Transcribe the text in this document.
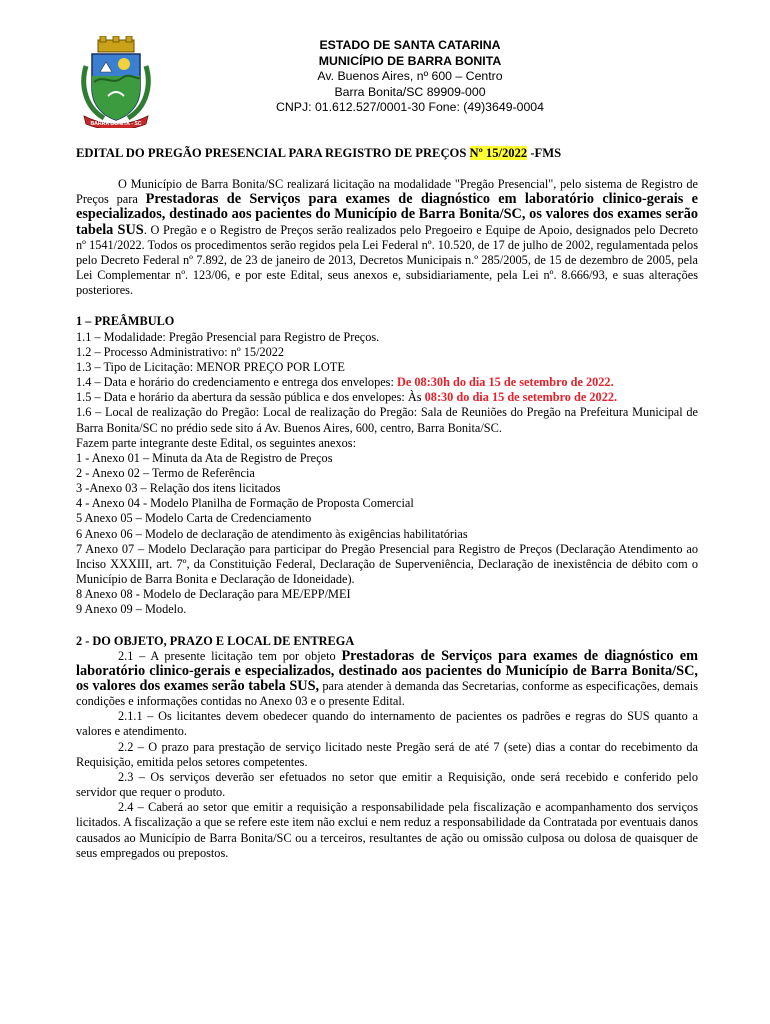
BARRA BONITA - SC
ESTADO DE SANTA CATARINA
MUNICÍPIO DE BARRA BONITA
Av. Buenos Aires, nº 600 – Centro
Barra Bonita/SC 89909-000
CNPJ: 01.612.527/0001-30 Fone: (49)3649-0004

EDITAL DO PREGÃO PRESENCIAL PARA REGISTRO DE PREÇOS Nº 15/2022 -FMS

O Município de Barra Bonita/SC realizará licitação na modalidade "Pregão Presencial", pelo sistema de Registro de Preços para Prestadoras de Serviços para exames de diagnóstico em laboratório clinico-gerais e especializados, destinado aos pacientes do Município de Barra Bonita/SC, os valores dos exames serão tabela SUS. O Pregão e o Registro de Preços serão realizados pelo Pregoeiro e Equipe de Apoio, designados pelo Decreto nº 1541/2022. Todos os procedimentos serão regidos pela Lei Federal nº. 10.520, de 17 de julho de 2002, regulamentada pelos pelo Decreto Federal nº 7.892, de 23 de janeiro de 2013, Decretos Municipais n.º 285/2005, de 15 de dezembro de 2005, pela Lei Complementar nº. 123/06, e por este Edital, seus anexos e, subsidiariamente, pela Lei nº. 8.666/93, e suas alterações posteriores.

1 – PREÂMBULO

1.1 – Modalidade: Pregão Presencial para Registro de Preços.

1.2 – Processo Administrativo: nº 15/2022

1.3 – Tipo de Licitação: MENOR PREÇO POR LOTE

1.4 – Data e horário do credenciamento e entrega dos envelopes: De 08:30h do dia 15 de setembro de 2022.

1.5 – Data e horário da abertura da sessão pública e dos envelopes: Às 08:30 do dia 15 de setembro de 2022.

1.6 – Local de realização do Pregão: Local de realização do Pregão: Sala de Reuniões do Pregão na Prefeitura Municipal de Barra Bonita/SC no prédio sede sito á Av. Buenos Aires, 600, centro, Barra Bonita/SC.

Fazem parte integrante deste Edital, os seguintes anexos:

1 - Anexo 01 – Minuta da Ata de Registro de Preços

2 - Anexo 02 – Termo de Referência

3 -Anexo 03 – Relação dos itens licitados

4 - Anexo 04 - Modelo Planilha de Formação de Proposta Comercial

5 Anexo 05 – Modelo Carta de Credenciamento

6 Anexo 06 – Modelo de declaração de atendimento às exigências habilitatórias

7 Anexo 07 – Modelo Declaração para participar do Pregão Presencial para Registro de Preços (Declaração Atendimento ao Inciso XXXIII, art. 7º, da Constituição Federal, Declaração de Superveniência, Declaração de inexistência de débito com o Município de Barra Bonita e Declaração de Idoneidade).

8 Anexo 08 - Modelo de Declaração para ME/EPP/MEI

9 Anexo 09 – Modelo.

2 - DO OBJETO, PRAZO E LOCAL DE ENTREGA

2.1 – A presente licitação tem por objeto Prestadoras de Serviços para exames de diagnóstico em laboratório clinico-gerais e especializados, destinado aos pacientes do Município de Barra Bonita/SC, os valores dos exames serão tabela SUS, para atender à demanda das Secretarias, conforme as especificações, demais condições e informações contidas no Anexo 03 e o presente Edital.

2.1.1 – Os licitantes devem obedecer quando do internamento de pacientes os padrões e regras do SUS quanto a valores e atendimento.

2.2 – O prazo para prestação de serviço licitado neste Pregão será de até 7 (sete) dias a contar do recebimento da Requisição, emitida pelos setores competentes.

2.3 – Os serviços deverão ser efetuados no setor que emitir a Requisição, onde será recebido e conferido pelo servidor que requer o produto.

2.4 – Caberá ao setor que emitir a requisição a responsabilidade pela fiscalização e acompanhamento dos serviços licitados. A fiscalização a que se refere este item não exclui e nem reduz a responsabilidade da Contratada por eventuais danos causados ao Município de Barra Bonita/SC ou a terceiros, resultantes de ação ou omissão culposa ou dolosa de quaisquer de seus empregados ou prepostos.
